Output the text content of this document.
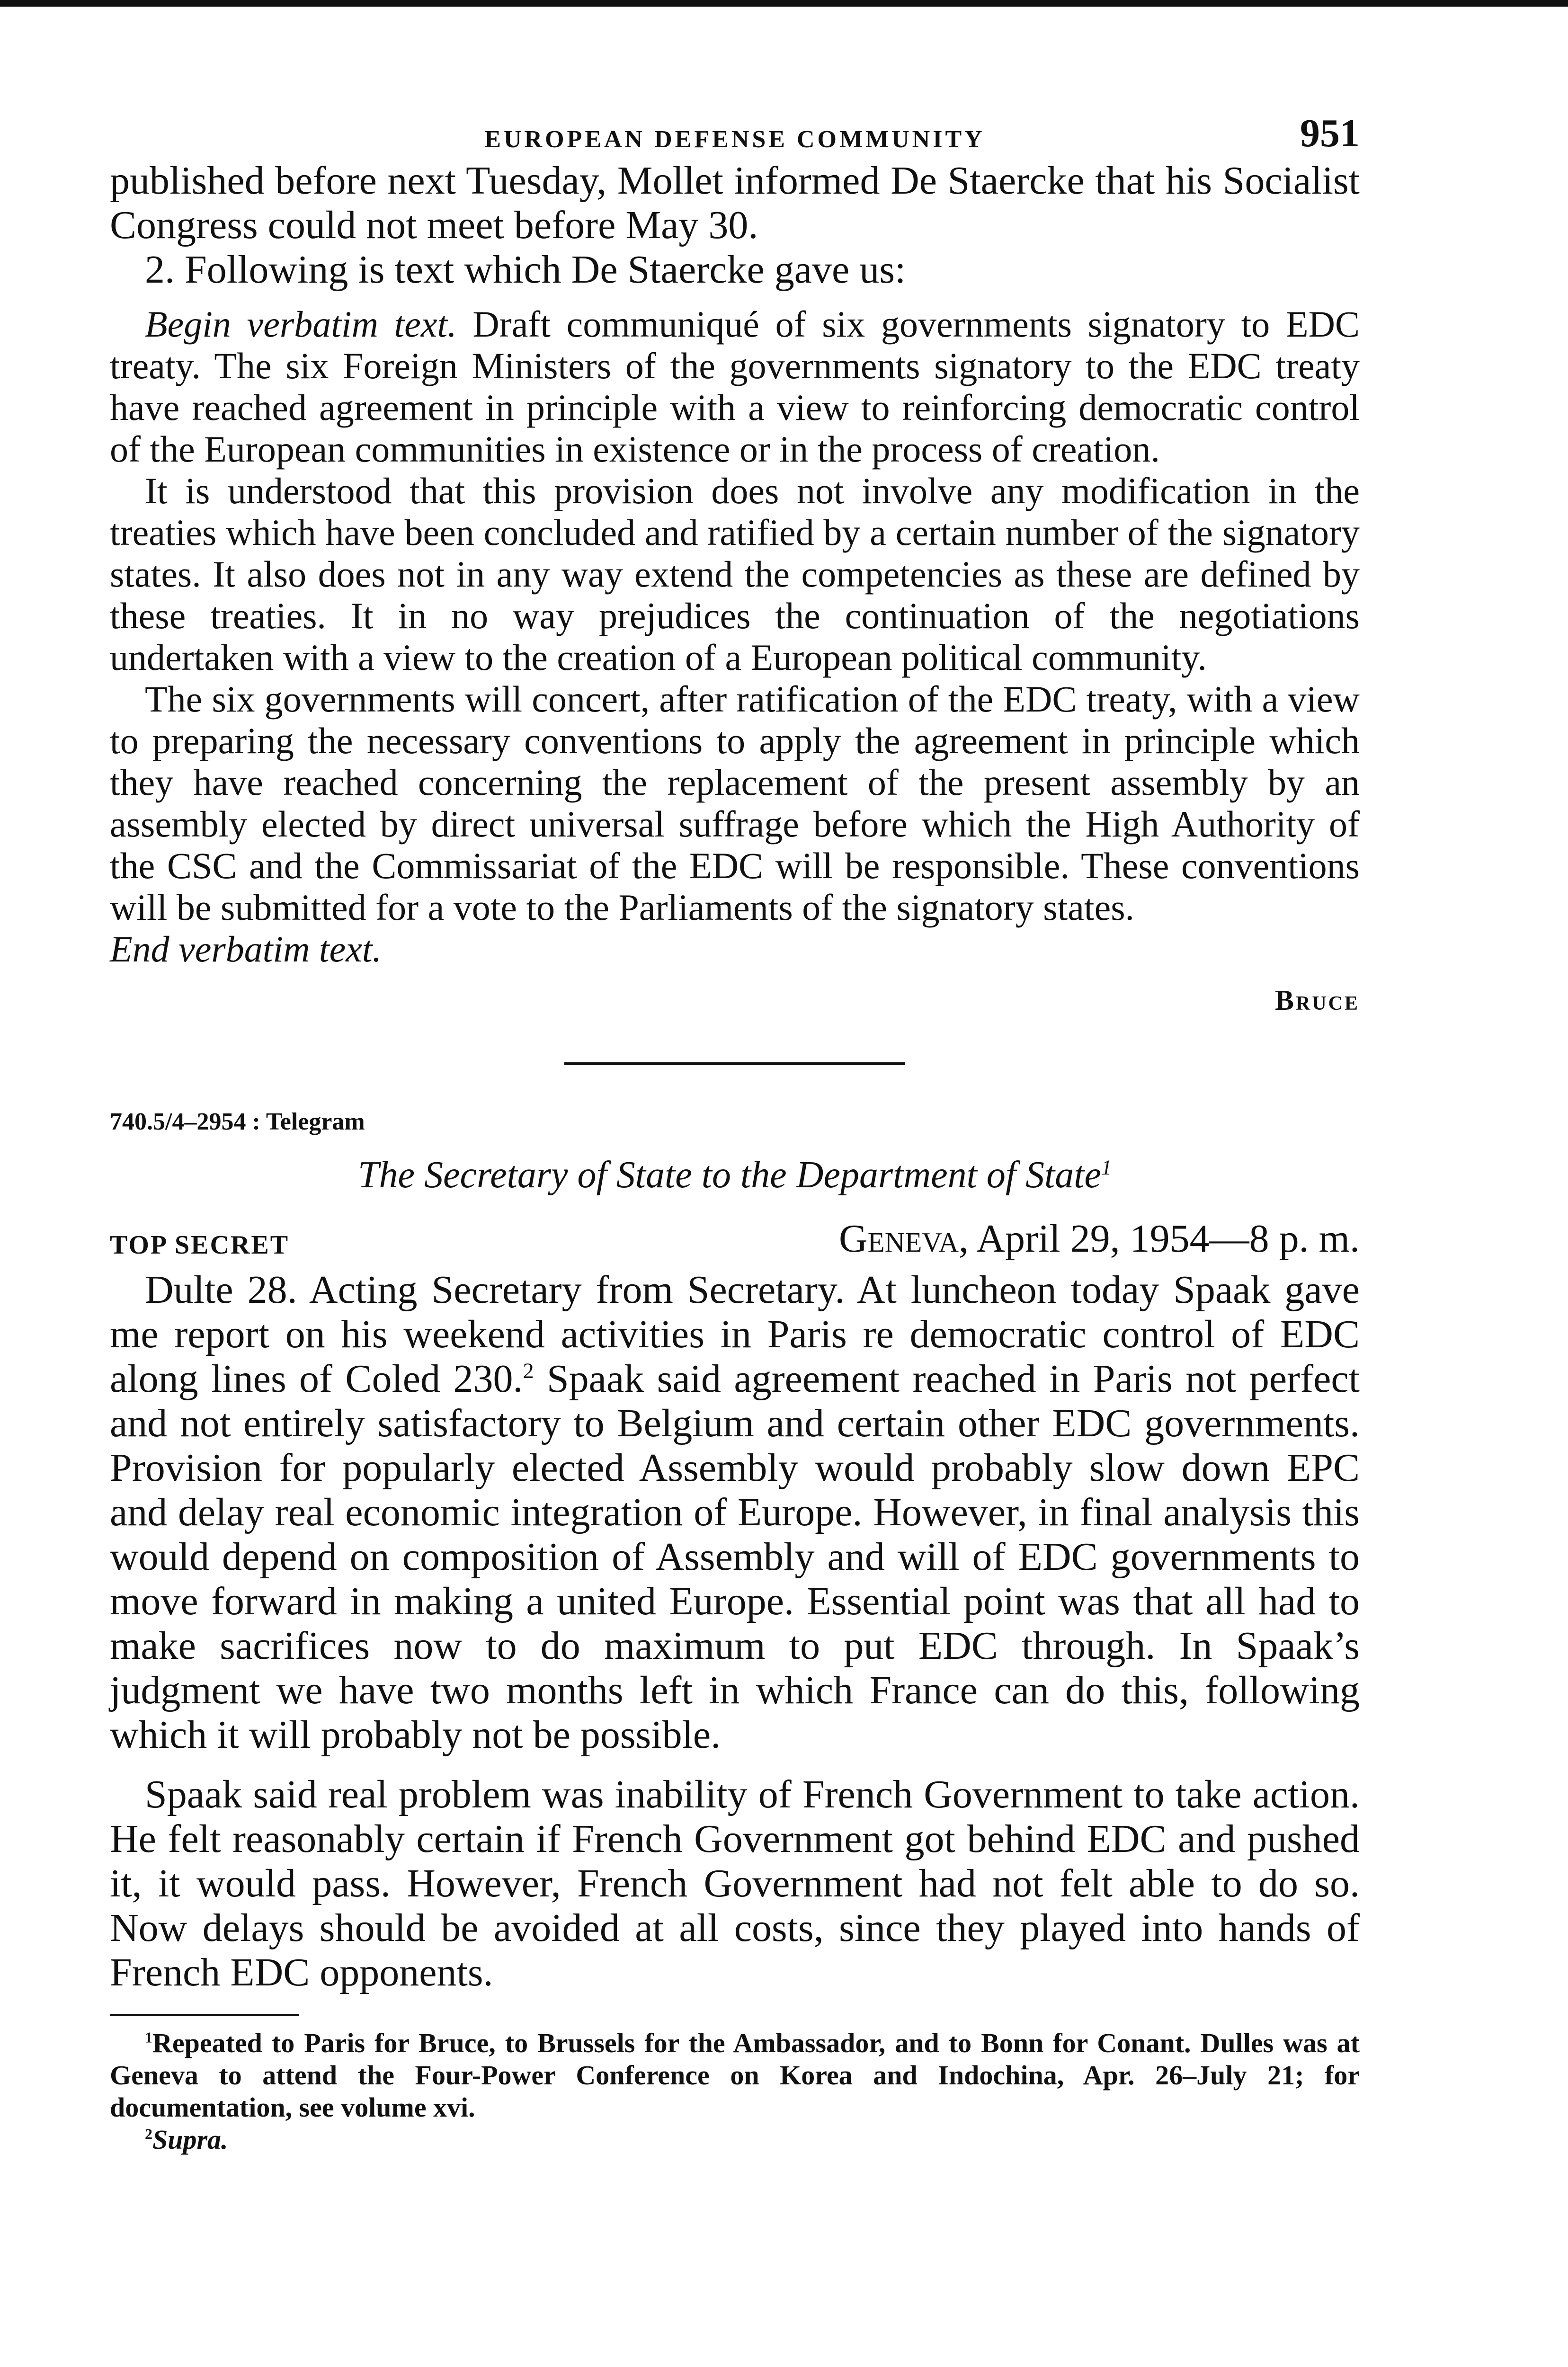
EUROPEAN DEFENSE COMMUNITY	951

published before next Tuesday, Mollet informed De Staercke that his Socialist Congress could not meet before May 30.

2. Following is text which De Staercke gave us:

Begin verbatim text. Draft communiqué of six governments signatory to EDC treaty. The six Foreign Ministers of the governments signatory to the EDC treaty have reached agreement in principle with a view to reinforcing democratic control of the European communities in existence or in the process of creation.

It is understood that this provision does not involve any modification in the treaties which have been concluded and ratified by a certain number of the signatory states. It also does not in any way extend the competencies as these are defined by these treaties. It in no way prejudices the continuation of the negotiations undertaken with a view to the creation of a European political community.

The six governments will concert, after ratification of the EDC treaty, with a view to preparing the necessary conventions to apply the agreement in principle which they have reached concerning the replacement of the present assembly by an assembly elected by direct universal suffrage before which the High Authority of the CSC and the Commissariat of the EDC will be responsible. These conventions will be submitted for a vote to the Parliaments of the signatory states.

End verbatim text.

Bruce
740.5/4–2954 : Telegram
The Secretary of State to the Department of State$^1$
TOP SECRET	Geneva, April 29, 1954—8 p. m.

Dulte 28. Acting Secretary from Secretary. At luncheon today Spaak gave me report on his weekend activities in Paris re democratic control of EDC along lines of Coled 230.$^2$ Spaak said agreement reached in Paris not perfect and not entirely satisfactory to Belgium and certain other EDC governments. Provision for popularly elected Assembly would probably slow down EPC and delay real economic integration of Europe. However, in final analysis this would depend on composition of Assembly and will of EDC governments to move forward in making a united Europe. Essential point was that all had to make sacrifices now to do maximum to put EDC through. In Spaak’s judgment we have two months left in which France can do this, following which it will probably not be possible.

Spaak said real problem was inability of French Government to take action. He felt reasonably certain if French Government got behind EDC and pushed it, it would pass. However, French Government had not felt able to do so. Now delays should be avoided at all costs, since they played into hands of French EDC opponents.

$^1$Repeated to Paris for Bruce, to Brussels for the Ambassador, and to Bonn for Conant. Dulles was at Geneva to attend the Four-Power Conference on Korea and Indochina, Apr. 26–July 21; for documentation, see volume xvi.

$^2$Supra.
